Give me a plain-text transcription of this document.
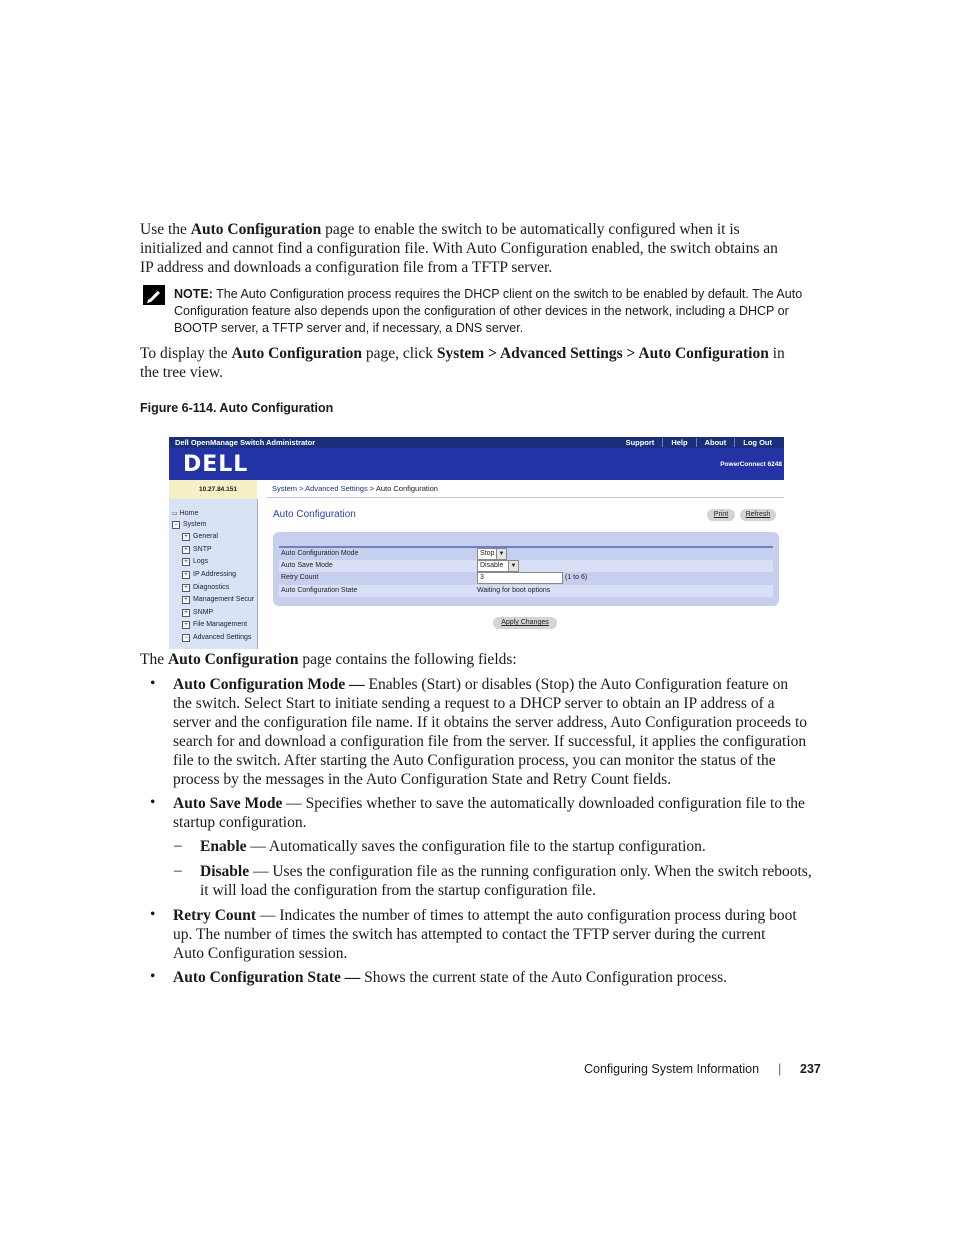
Use the Auto Configuration page to enable the switch to be automatically configured when it is
initialized and cannot find a configuration file. With Auto Configuration enabled, the switch obtains an
IP address and downloads a configuration file from a TFTP server.
NOTE: The Auto Configuration process requires the DHCP client on the switch to be enabled by default. The Auto
Configuration feature also depends upon the configuration of other devices in the network, including a DHCP or
BOOTP server, a TFTP server and, if necessary, a DNS server.
To display the Auto Configuration page, click System > Advanced Settings > Auto Configuration in
the tree view.
Figure 6-114. Auto Configuration
Dell OpenManage Switch Administrator	Support	Help	About	Log Out
DELL	PowerConnect 6248
10.27.84.151
▭ Home
− System
+ General
+ SNTP
+ Logs
+ IP Addressing
+ Diagnostics
+ Management Secur
+ SNMP
+ File Management
− Advanced Settings
System > Advanced Settings > Auto Configuration
Auto Configuration	Print	Refresh
Auto Configuration Mode	Stop ▼
Auto Save Mode	Disable	▼
Retry Count	3	(1 to 6)
Auto Configuration State	Waiting for boot options
Apply Changes
The Auto Configuration page contains the following fields:
• Auto Configuration Mode — Enables (Start) or disables (Stop) the Auto Configuration feature on
the switch. Select Start to initiate sending a request to a DHCP server to obtain an IP address of a
server and the configuration file name. If it obtains the server address, Auto Configuration proceeds to
search for and download a configuration file from the server. If successful, it applies the configuration
file to the switch. After starting the Auto Configuration process, you can monitor the status of the
process by the messages in the Auto Configuration State and Retry Count fields.
• Auto Save Mode — Specifies whether to save the automatically downloaded configuration file to the
startup configuration.
– Enable — Automatically saves the configuration file to the startup configuration.
– Disable — Uses the configuration file as the running configuration only. When the switch reboots,
it will load the configuration from the startup configuration file.
• Retry Count — Indicates the number of times to attempt the auto configuration process during boot
up. The number of times the switch has attempted to contact the TFTP server during the current
Auto Configuration session.
• Auto Configuration State — Shows the current state of the Auto Configuration process.
Configuring System Information | 237
